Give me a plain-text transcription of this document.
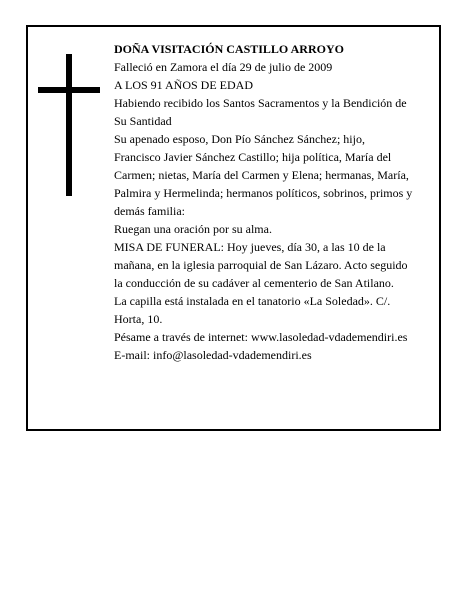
DOÑA VISITACIÓN CASTILLO ARROYO

Falleció en Zamora el día 29 de julio de 2009

A LOS 91 AÑOS DE EDAD

Habiendo recibido los Santos Sacramentos y la Bendición de Su Santidad

Su apenado esposo, Don Pío Sánchez Sánchez; hijo, Francisco Javier Sánchez Castillo; hija política, María del Carmen; nietas, María del Carmen y Elena; hermanas, María, Palmira y Hermelinda; hermanos políticos, sobrinos, primos y demás familia:

Ruegan una oración por su alma.

MISA DE FUNERAL: Hoy jueves, día 30, a las 10 de la mañana, en la iglesia parroquial de San Lázaro. Acto seguido la conducción de su cadáver al cementerio de San Atilano.

La capilla está instalada en el tanatorio «La Soledad». C/. Horta, 10.

Pésame a través de internet: www.lasoledad-vdademendiri.es

E-mail: info@lasoledad-vdademendiri.es
